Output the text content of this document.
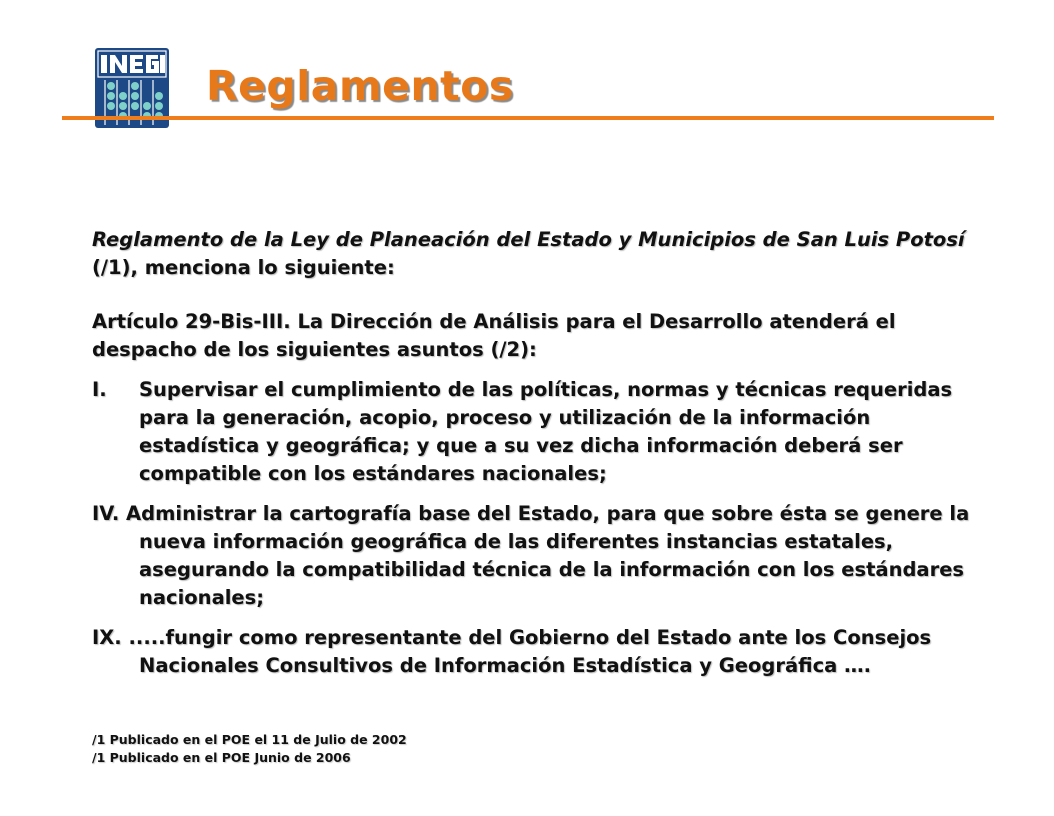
Reglamentos

Reglamento de la Ley de Planeación del Estado y Municipios de San Luis Potosí (/1), menciona lo siguiente:

Artículo 29-Bis-III. La Dirección de Análisis para el Desarrollo atenderá el despacho de los siguientes asuntos (/2):

I. Supervisar el cumplimiento de las políticas, normas y técnicas requeridas para la generación, acopio, proceso y utilización de la información estadística y geográfica; y que a su vez dicha información deberá ser compatible con los estándares nacionales;

IV. Administrar la cartografía base del Estado, para que sobre ésta se genere la nueva información geográfica de las diferentes instancias estatales, asegurando la compatibilidad técnica de la información con los estándares nacionales;

IX. .....fungir como representante del Gobierno del Estado ante los Consejos Nacionales Consultivos de Información Estadística y Geográfica ….

/1 Publicado en el POE el 11 de Julio de 2002

/1 Publicado en el POE Junio de 2006
